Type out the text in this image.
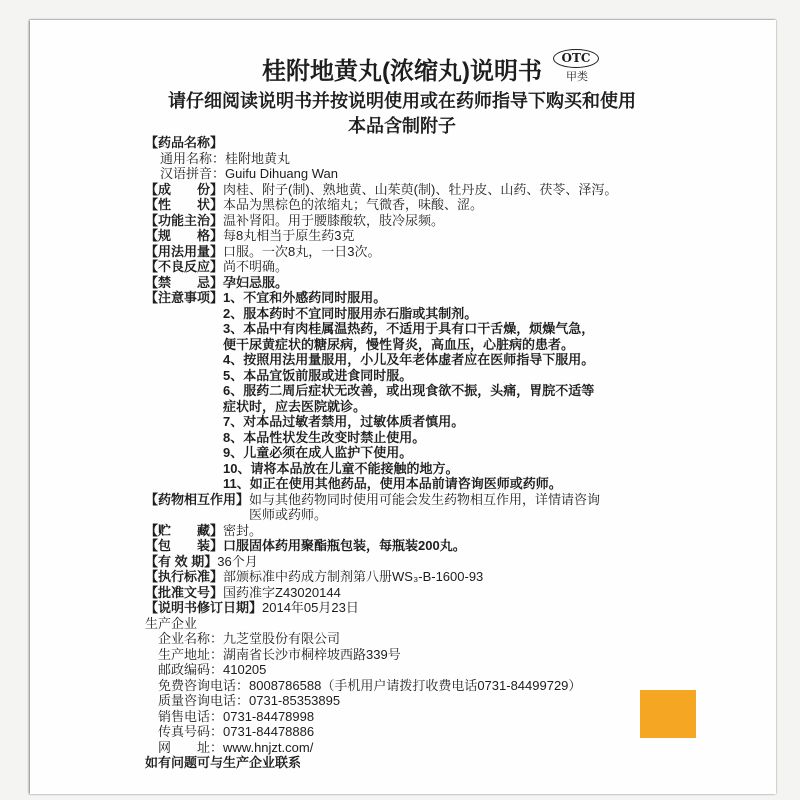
桂附地黄丸(浓缩丸)说明书	OTC
甲类
请仔细阅读说明书并按说明使用或在药师指导下购买和使用
本品含制附子
【药品名称】
通用名称：桂附地黄丸
汉语拼音：Guifu Dihuang Wan
【成　　份】肉桂、附子(制)、熟地黄、山茱萸(制)、牡丹皮、山药、茯苓、泽泻。
【性　　状】本品为黑棕色的浓缩丸；气微香，味酸、涩。
【功能主治】温补肾阳。用于腰膝酸软，肢冷尿频。
【规　　格】每8丸相当于原生药3克
【用法用量】口服。一次8丸，一日3次。
【不良反应】尚不明确。
【禁　　忌】孕妇忌服。
【注意事项】 1、不宜和外感药同时服用。
2、服本药时不宜同时服用赤石脂或其制剂。
3、本品中有肉桂属温热药，不适用于具有口干舌燥，烦燥气急，
便干尿黄症状的糖尿病，慢性肾炎，高血压，心脏病的患者。
4、按照用法用量服用，小儿及年老体虚者应在医师指导下服用。
5、本品宜饭前服或进食同时服。
6、服药二周后症状无改善，或出现食欲不振，头痛，胃脘不适等
症状时，应去医院就诊。
7、对本品过敏者禁用，过敏体质者慎用。
8、本品性状发生改变时禁止使用。
9、儿童必须在成人监护下使用。
10、请将本品放在儿童不能接触的地方。
11、如正在使用其他药品，使用本品前请咨询医师或药师。
【药物相互作用】 如与其他药物同时使用可能会发生药物相互作用，详情请咨询
医师或药师。
【贮　　藏】密封。
【包　　装】口服固体药用聚酯瓶包装，每瓶装200丸。
【有 效 期】36个月
【执行标准】部颁标准中药成方制剂第八册WS₃-B-1600-93
【批准文号】国药准字Z43020144
【说明书修订日期】2014年05月23日
生产企业
企业名称：九芝堂股份有限公司
生产地址：湖南省长沙市桐梓坡西路339号
邮政编码：410205
免费咨询电话：8008786588（手机用户请拨打收费电话0731-84499729）
质量咨询电话：0731-85353895
销售电话：0731-84478998
传真号码：0731-84478886
网　　址：www.hnjzt.com/
如有问题可与生产企业联系
